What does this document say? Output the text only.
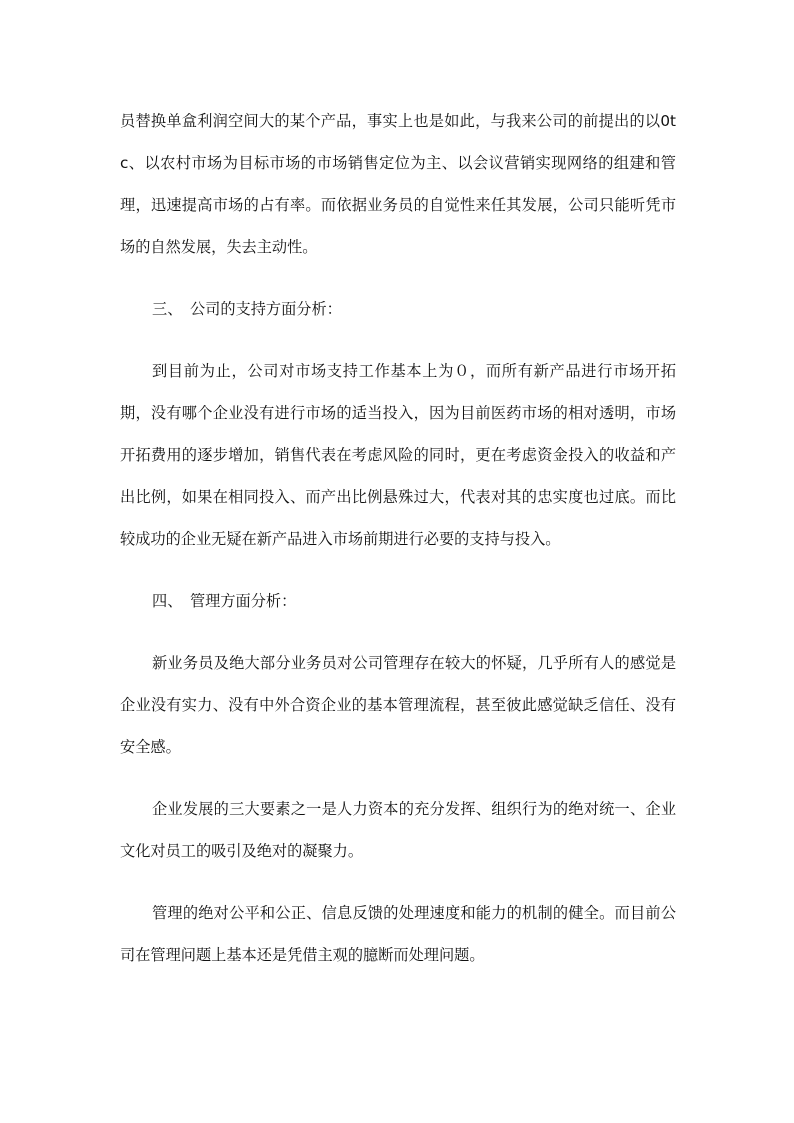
员替换单盒利润空间大的某个产品，事实上也是如此，与我来公司的前提出的以0tc、以农村市场为目标市场的市场销售定位为主、以会议营销实现网络的组建和管理，迅速提高市场的占有率。而依据业务员的自觉性来任其发展，公司只能听凭市场的自然发展，失去主动性。

三、　公司的支持方面分析：

到目前为止，公司对市场支持工作基本上为０，而所有新产品进行市场开拓期，没有哪个企业没有进行市场的适当投入，因为目前医药市场的相对透明，市场开拓费用的逐步增加，销售代表在考虑风险的同时，更在考虑资金投入的收益和产出比例，如果在相同投入、而产出比例悬殊过大，代表对其的忠实度也过底。而比较成功的企业无疑在新产品进入市场前期进行必要的支持与投入。

四、　管理方面分析：

新业务员及绝大部分业务员对公司管理存在较大的怀疑，几乎所有人的感觉是企业没有实力、没有中外合资企业的基本管理流程，甚至彼此感觉缺乏信任、没有安全感。

企业发展的三大要素之一是人力资本的充分发挥、组织行为的绝对统一、企业文化对员工的吸引及绝对的凝聚力。

管理的绝对公平和公正、信息反馈的处理速度和能力的机制的健全。而目前公司在管理问题上基本还是凭借主观的臆断而处理问题。
